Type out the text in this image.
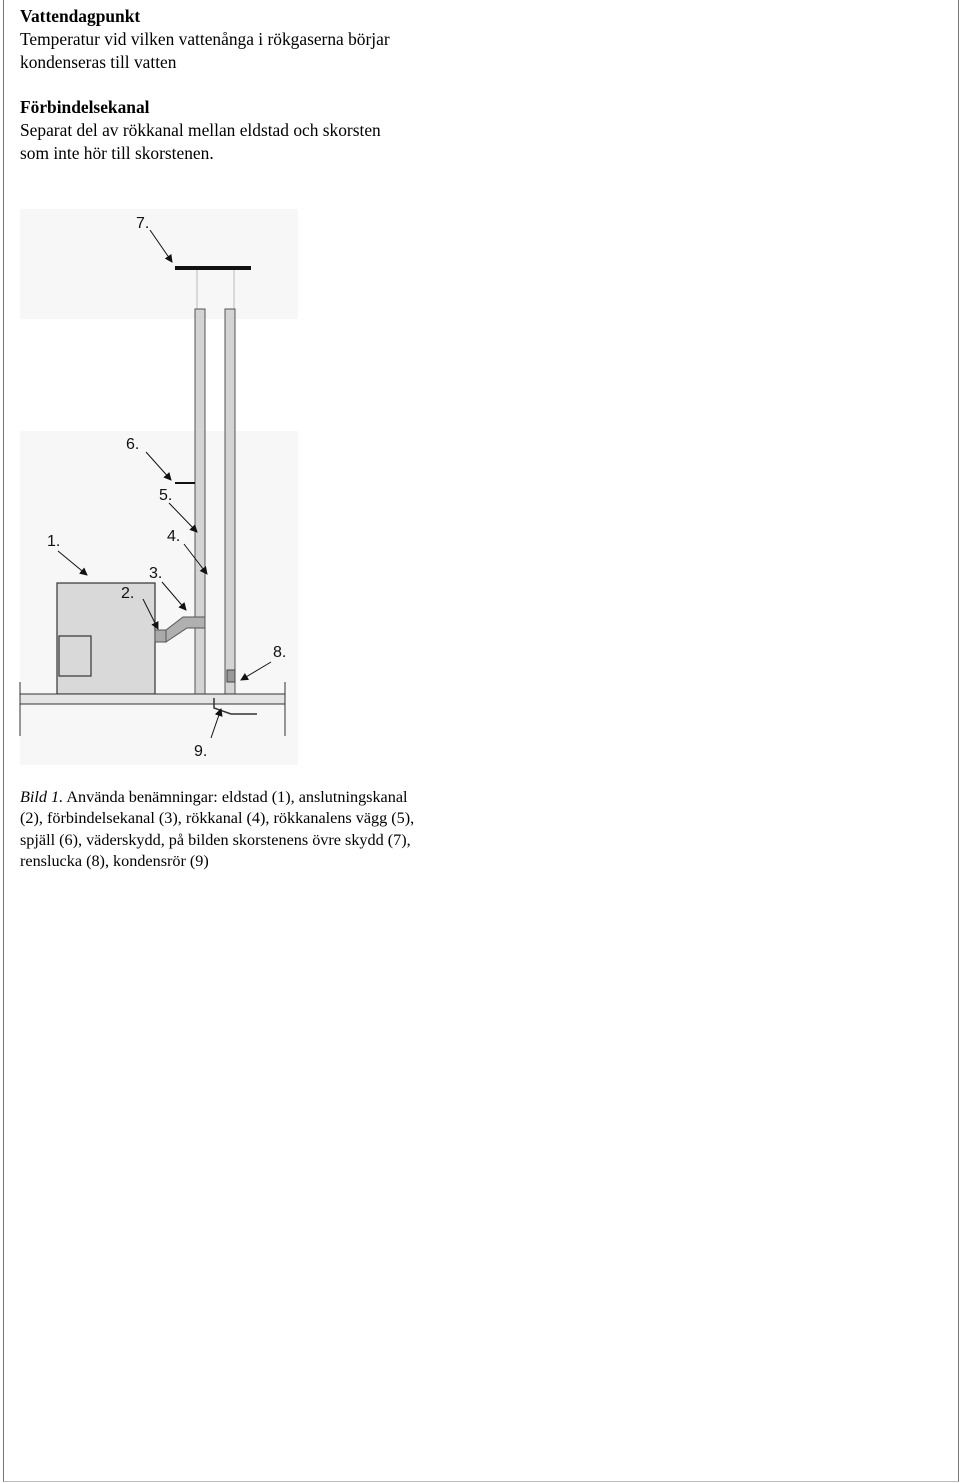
Vattendagpunkt
Temperatur vid vilken vattenånga i rökgaserna börjar
kondenseras till vatten
Förbindelsekanal
Separat del av rökkanal mellan eldstad och skorsten
som inte hör till skorstenen.
1.
2.
3.
4.
5.
6.
7.
8.
9.
Bild 1. Använda benämningar: eldstad (1), anslutningskanal
(2), förbindelsekanal (3), rökkanal (4), rökkanalens vägg (5),
spjäll (6), väderskydd, på bilden skorstenens övre skydd (7),
renslucka (8), kondensrör (9)
